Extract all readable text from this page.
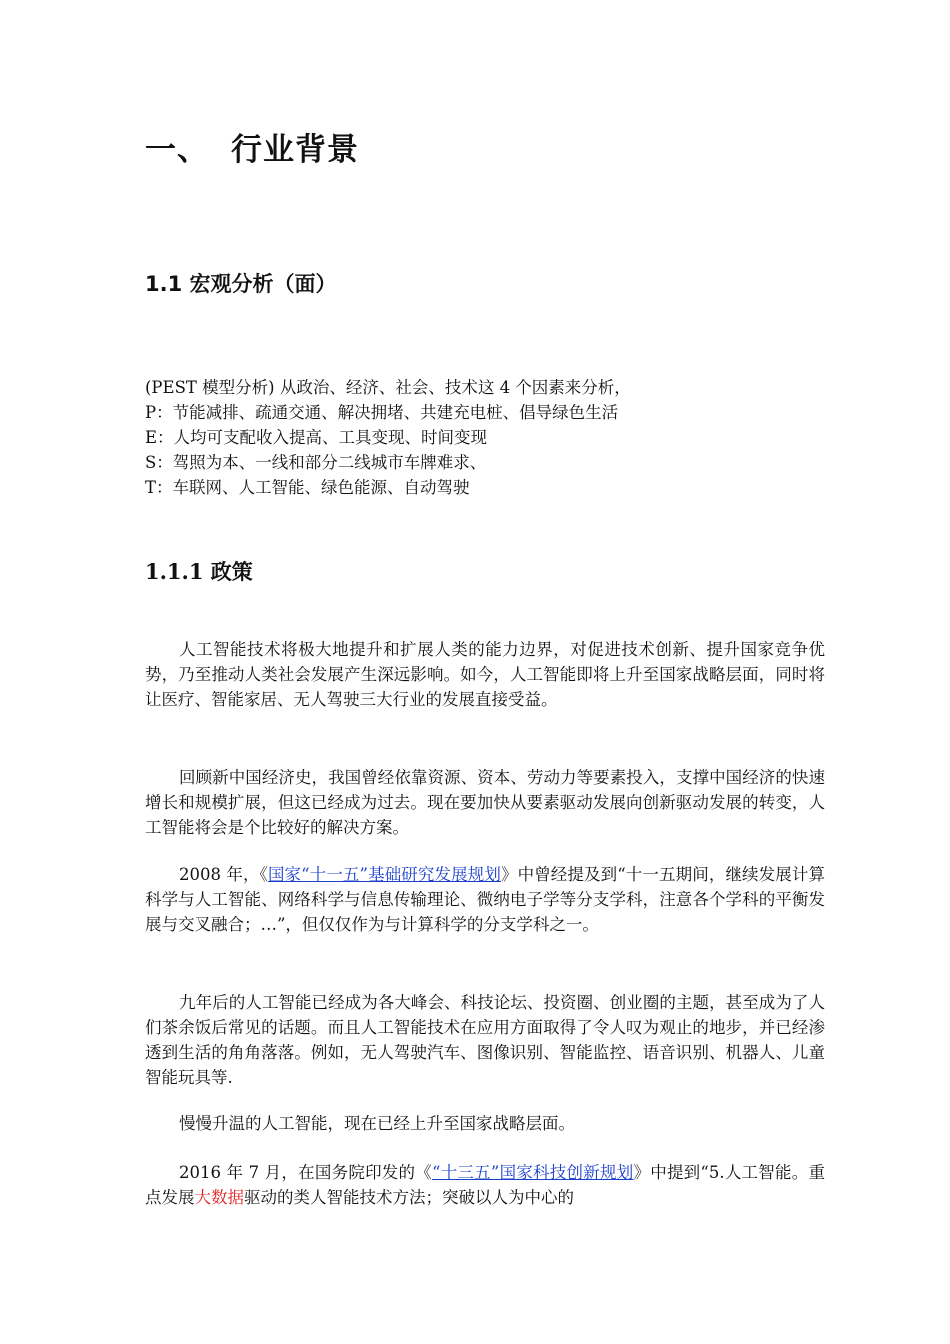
一、 行业背景
1.1 宏观分析（面）
(PEST 模型分析) 从政治、经济、社会、技术这 4 个因素来分析，
P：节能减排、疏通交通、解决拥堵、共建充电桩、倡导绿色生活
E：人均可支配收入提高、工具变现、时间变现
S：驾照为本、一线和部分二线城市车牌难求、
T：车联网、人工智能、绿色能源、自动驾驶
1.1.1 政策
人工智能技术将极大地提升和扩展人类的能力边界，对促进技术创新、提升国家竞争优势，乃至推动人类社会发展产生深远影响。如今，人工智能即将上升至国家战略层面，同时将让医疗、智能家居、无人驾驶三大行业的发展直接受益。
回顾新中国经济史，我国曾经依靠资源、资本、劳动力等要素投入，支撑中国经济的快速增长和规模扩展，但这已经成为过去。现在要加快从要素驱动发展向创新驱动发展的转变，人工智能将会是个比较好的解决方案。
2008 年，《国家“十一五”基础研究发展规划》中曾经提及到“十一五期间，继续发展计算科学与人工智能、网络科学与信息传输理论、微纳电子学等分支学科，注意各个学科的平衡发展与交叉融合；…”，但仅仅作为与计算科学的分支学科之一。
九年后的人工智能已经成为各大峰会、科技论坛、投资圈、创业圈的主题，甚至成为了人们茶余饭后常见的话题。而且人工智能技术在应用方面取得了令人叹为观止的地步，并已经渗透到生活的角角落落。例如，无人驾驶汽车、图像识别、智能监控、语音识别、机器人、儿童智能玩具等.
慢慢升温的人工智能，现在已经上升至国家战略层面。
2016 年 7 月，在国务院印发的《“十三五”国家科技创新规划》中提到“5.人工智能。重点发展大数据驱动的类人智能技术方法；突破以人为中心的
